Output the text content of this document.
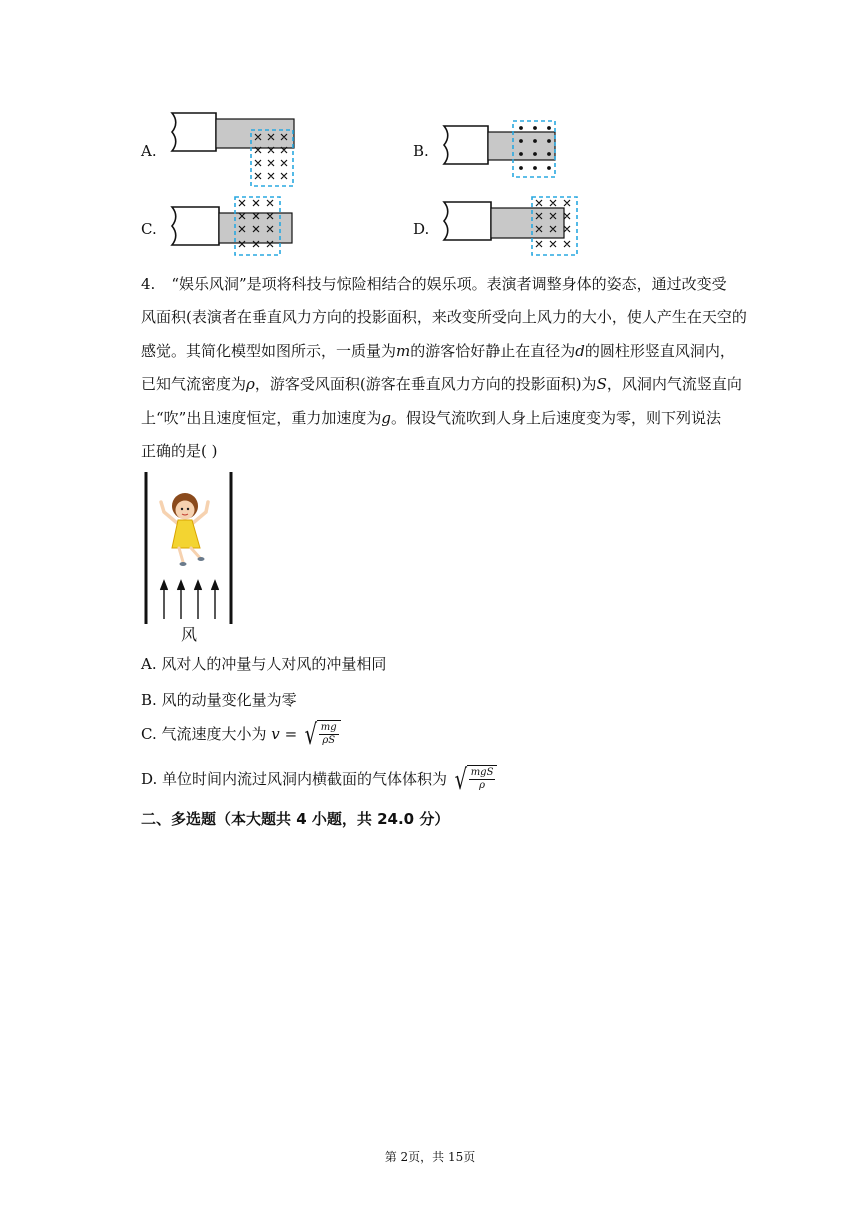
A.	B.
C.	D.

4. “娱乐风洞”是项将科技与惊险相结合的娱乐项。表演者调整身体的姿态，通过改变受

风面积(表演者在垂直风力方向的投影面积，来改变所受向上风力的大小，使人产生在天空的

感觉。其简化模型如图所示，一质量为m的游客恰好静止在直径为d的圆柱形竖直风洞内，

已知气流密度为ρ，游客受风面积(游客在垂直风力方向的投影面积)为S，风洞内气流竖直向

上“吹”出且速度恒定，重力加速度为g。假设气流吹到人身上后速度变为零，则下列说法

正确的是( )

风
A. 风对人的冲量与人对风的冲量相同
B. 风的动量变化量为零
C. 气流速度大小为 v = √ $\frac{mg}{\rho S}$
D. 单位时间内流过风洞内横截面的气体体积为 √ $\frac{\text{mgS}}{\rho}$
二、多选题（本大题共 4 小题，共 24.0 分）
第 2页，共 15页
